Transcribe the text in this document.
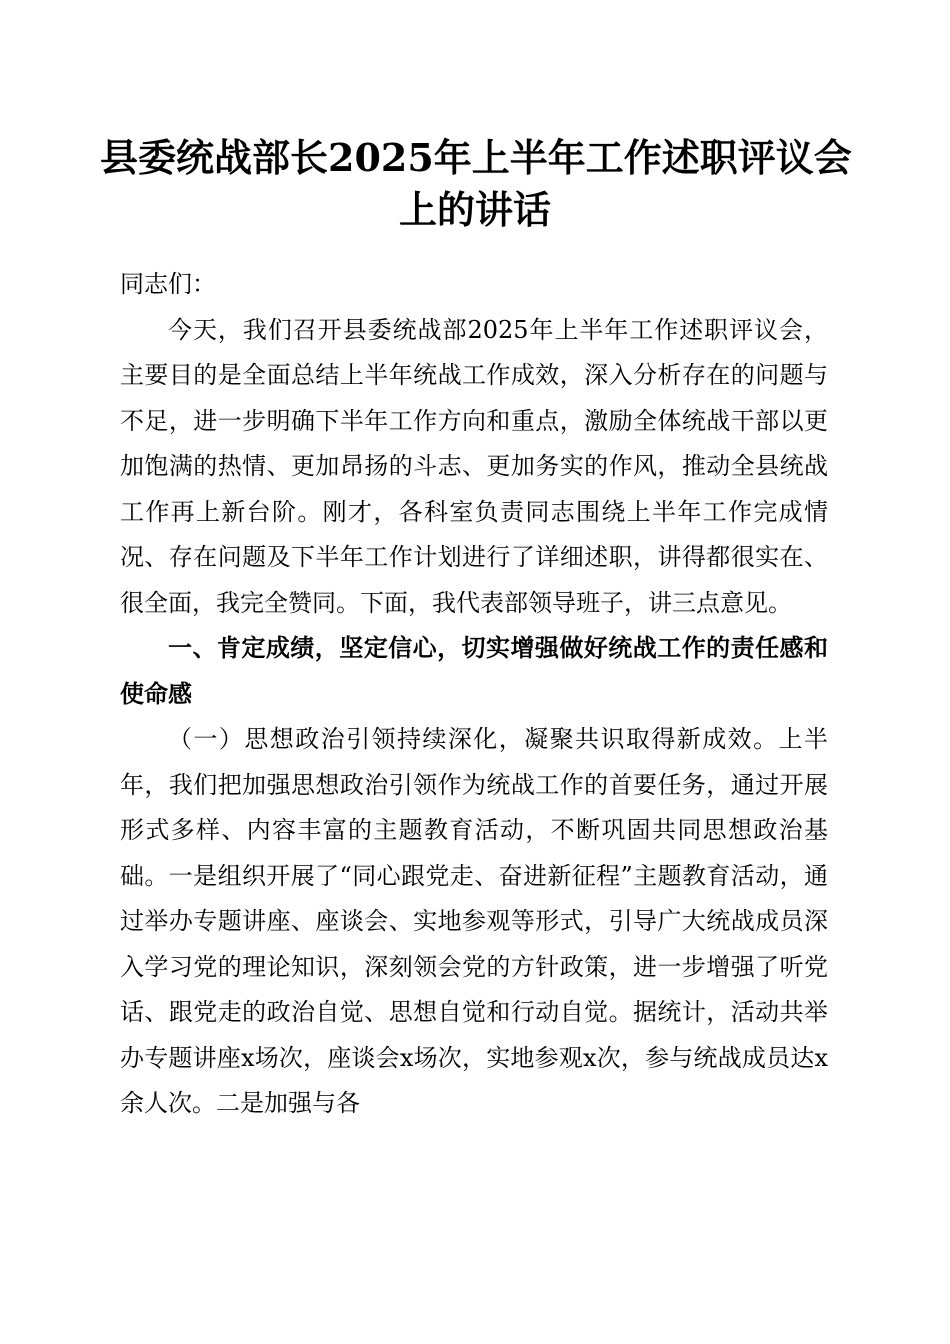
县委统战部长2025年上半年工作述职评议会
上的讲话

同志们：

今天，我们召开县委统战部2025年上半年工作述职评议会，主要目的是全面总结上半年统战工作成效，深入分析存在的问题与不足，进一步明确下半年工作方向和重点，激励全体统战干部以更加饱满的热情、更加昂扬的斗志、更加务实的作风，推动全县统战工作再上新台阶。刚才，各科室负责同志围绕上半年工作完成情况、存在问题及下半年工作计划进行了详细述职，讲得都很实在、很全面，我完全赞同。下面，我代表部领导班子，讲三点意见。

一、肯定成绩，坚定信心，切实增强做好统战工作的责任感和使命感

（一）思想政治引领持续深化，凝聚共识取得新成效。上半年，我们把加强思想政治引领作为统战工作的首要任务，通过开展形式多样、内容丰富的主题教育活动，不断巩固共同思想政治基础。一是组织开展了“同心跟党走、奋进新征程”主题教育活动，通过举办专题讲座、座谈会、实地参观等形式，引导广大统战成员深入学习党的理论知识，深刻领会党的方针政策，进一步增强了听党话、跟党走的政治自觉、思想自觉和行动自觉。据统计，活动共举办专题讲座x场次，座谈会x场次，实地参观x次，参与统战成员达x余人次。二是加强与各
